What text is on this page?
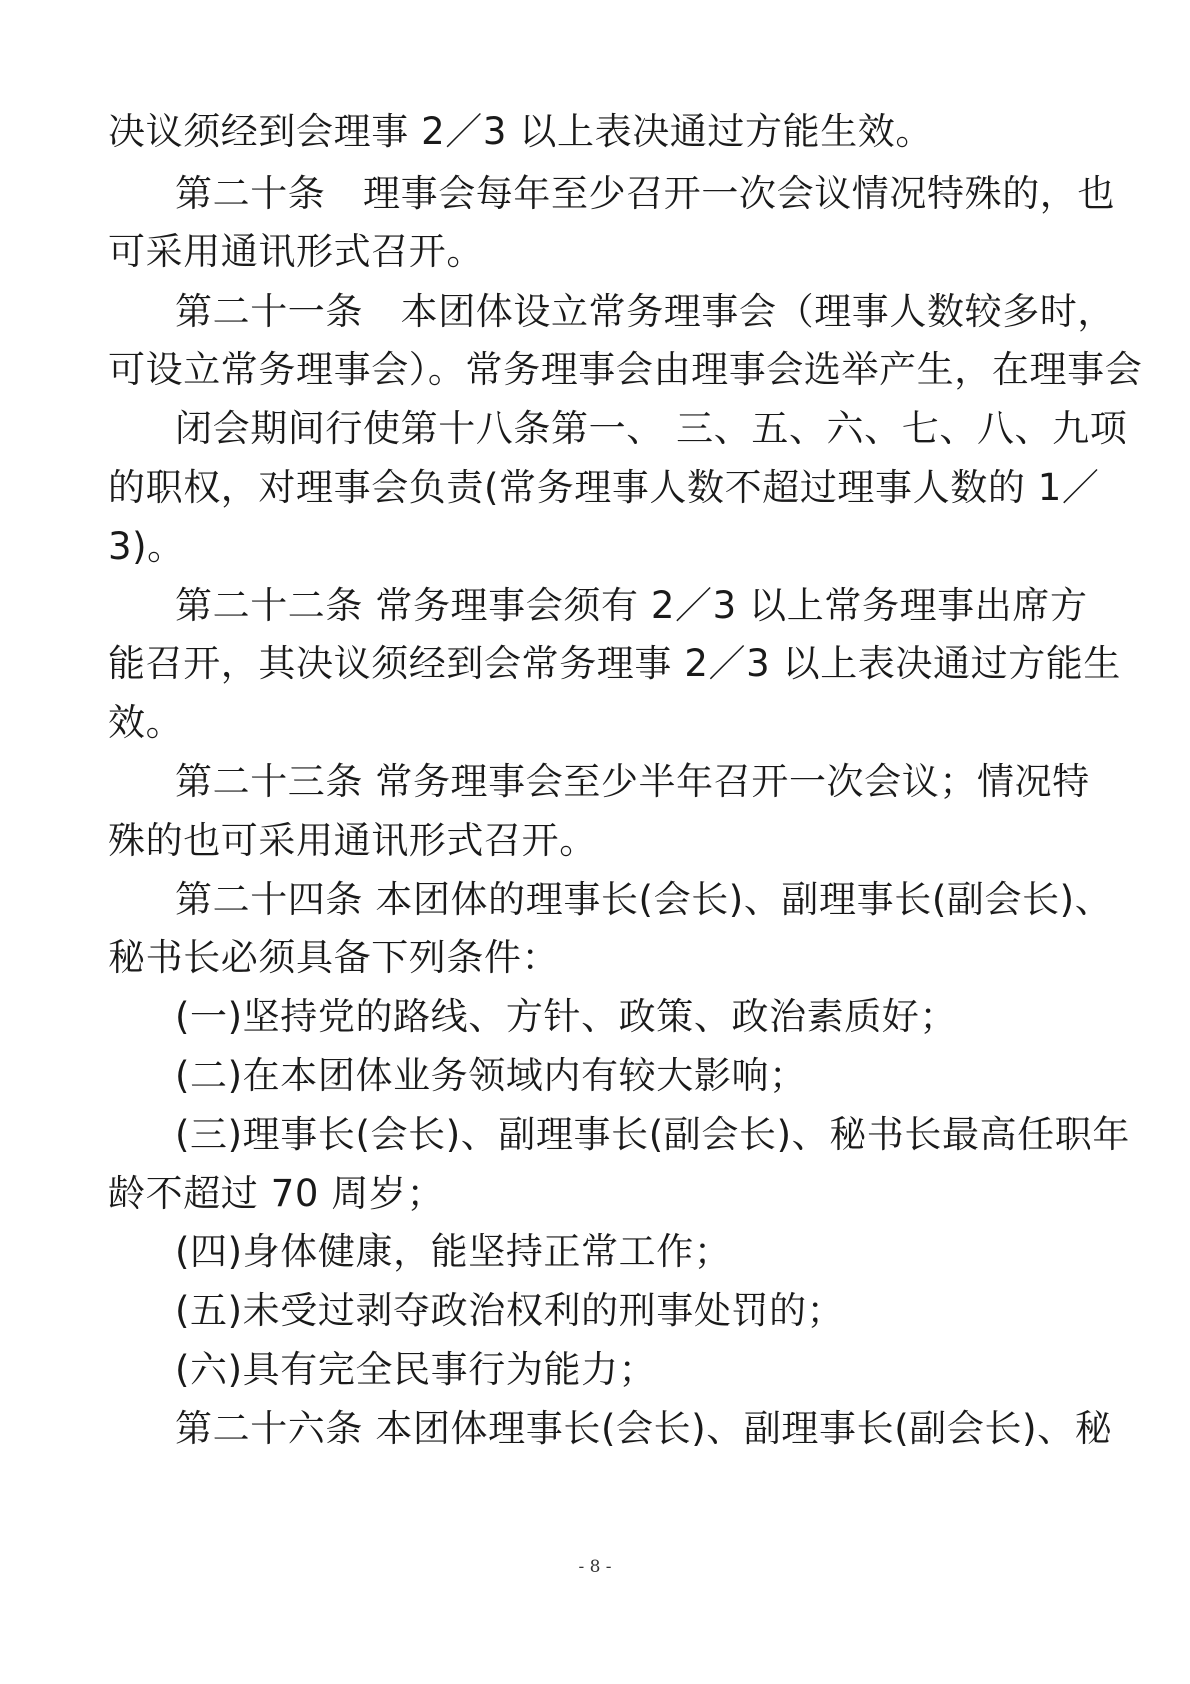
决议须经到会理事 2／3 以上表决通过方能生效。
第二十条　理事会每年至少召开一次会议情况特殊的，也
可采用通讯形式召开。
第二十一条　本团体设立常务理事会（理事人数较多时，
可设立常务理事会）。常务理事会由理事会选举产生，在理事会
闭会期间行使第十八条第一、 三、五、六、七、八、九项
的职权，对理事会负责(常务理事人数不超过理事人数的 1／
3)。
第二十二条 常务理事会须有 2／3 以上常务理事出席方
能召开，其决议须经到会常务理事 2／3 以上表决通过方能生
效。
第二十三条 常务理事会至少半年召开一次会议；情况特
殊的也可采用通讯形式召开。
第二十四条 本团体的理事长(会长)、副理事长(副会长)、
秘书长必须具备下列条件：
(一)坚持党的路线、方针、政策、政治素质好；
(二)在本团体业务领域内有较大影响；
(三)理事长(会长)、副理事长(副会长)、秘书长最高任职年
龄不超过 70 周岁；
(四)身体健康，能坚持正常工作；
(五)未受过剥夺政治权利的刑事处罚的；
(六)具有完全民事行为能力；
第二十六条 本团体理事长(会长)、副理事长(副会长)、秘
- 8 -
